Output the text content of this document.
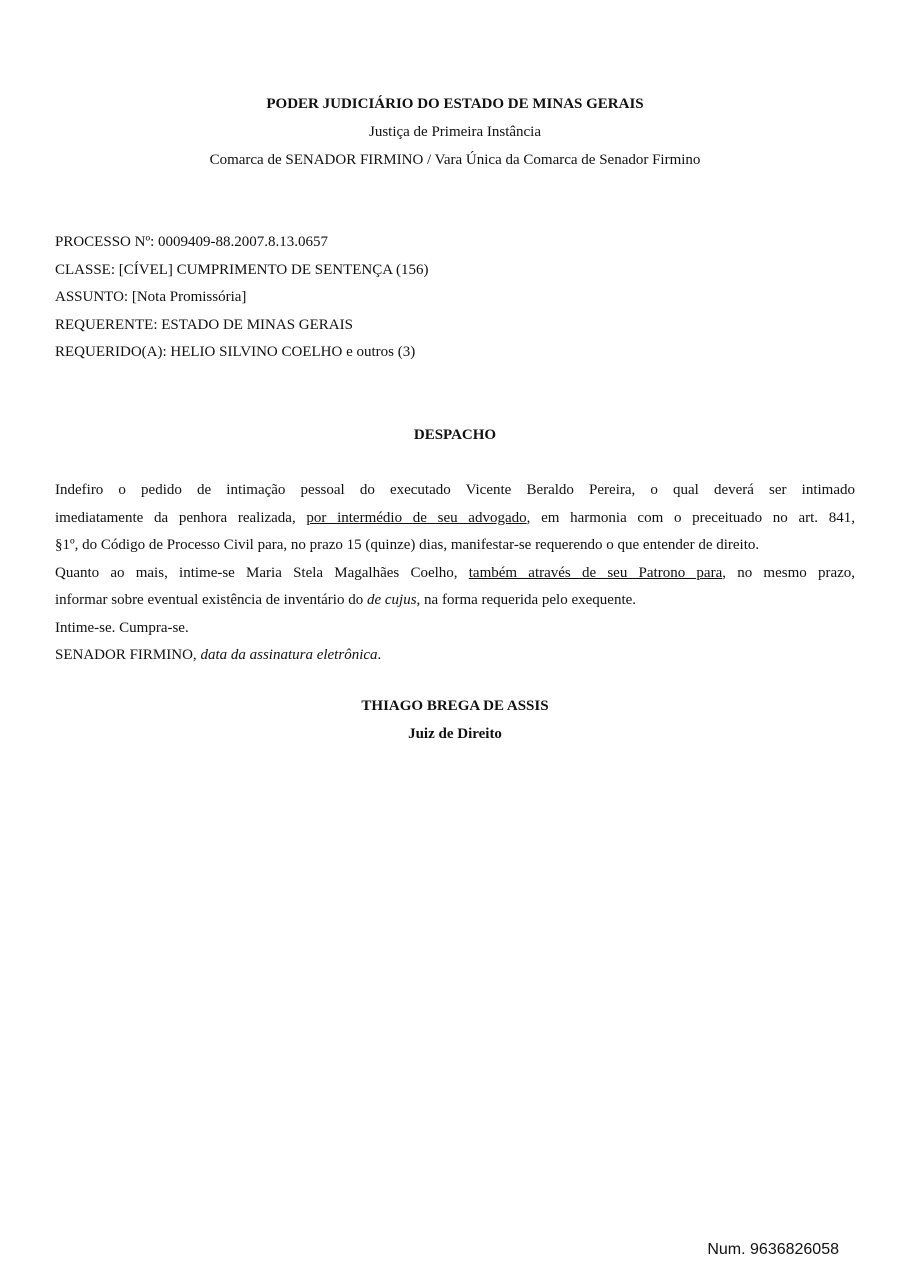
PODER JUDICIÁRIO DO ESTADO DE MINAS GERAIS
Justiça de Primeira Instância
Comarca de SENADOR FIRMINO / Vara Única da Comarca de Senador Firmino
PROCESSO Nº: 0009409-88.2007.8.13.0657
CLASSE: [CÍVEL] CUMPRIMENTO DE SENTENÇA (156)
ASSUNTO: [Nota Promissória]
REQUERENTE: ESTADO DE MINAS GERAIS
REQUERIDO(A): HELIO SILVINO COELHO e outros (3)
DESPACHO
Indefiro o pedido de intimação pessoal do executado Vicente Beraldo Pereira, o qual deverá ser intimado
imediatamente da penhora realizada, por intermédio de seu advogado, em harmonia com o preceituado no art. 841,
§1º, do Código de Processo Civil para, no prazo 15 (quinze) dias, manifestar-se requerendo o que entender de direito.
Quanto ao mais, intime-se Maria Stela Magalhães Coelho, também através de seu Patrono para, no mesmo prazo,
informar sobre eventual existência de inventário do de cujus, na forma requerida pelo exequente.
Intime-se. Cumpra-se.
SENADOR FIRMINO, data da assinatura eletrônica.
THIAGO BREGA DE ASSIS
Juiz de Direito
Num. 9636826058
